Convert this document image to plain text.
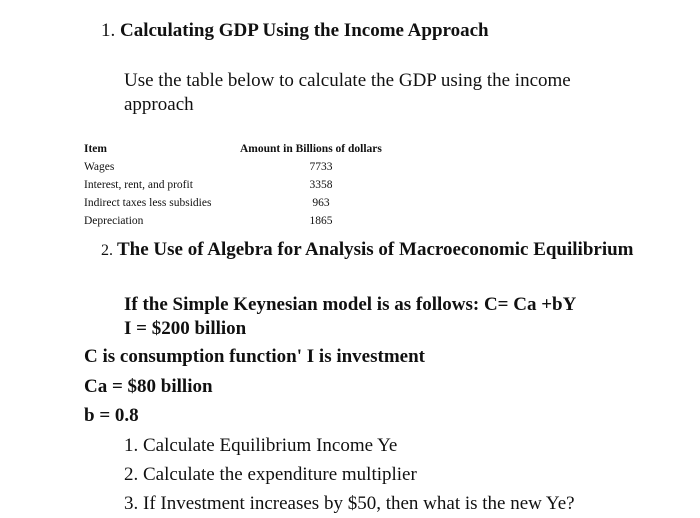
1. Calculating GDP Using the Income Approach
Use the table below to calculate the GDP using the income approach
Item	Amount in Billions of dollars
Wages	7733
Interest, rent, and profit	3358
Indirect taxes less subsidies	963
Depreciation	1865
2. The Use of Algebra for Analysis of Macroeconomic Equilibrium
If the Simple Keynesian model is as follows: C= Ca +bY
I = $200 billion
C is consumption function' I is investment
Ca = $80 billion
b = 0.8
1. Calculate Equilibrium Income Ye
2. Calculate the expenditure multiplier
3. If Investment increases by $50, then what is the new Ye?
